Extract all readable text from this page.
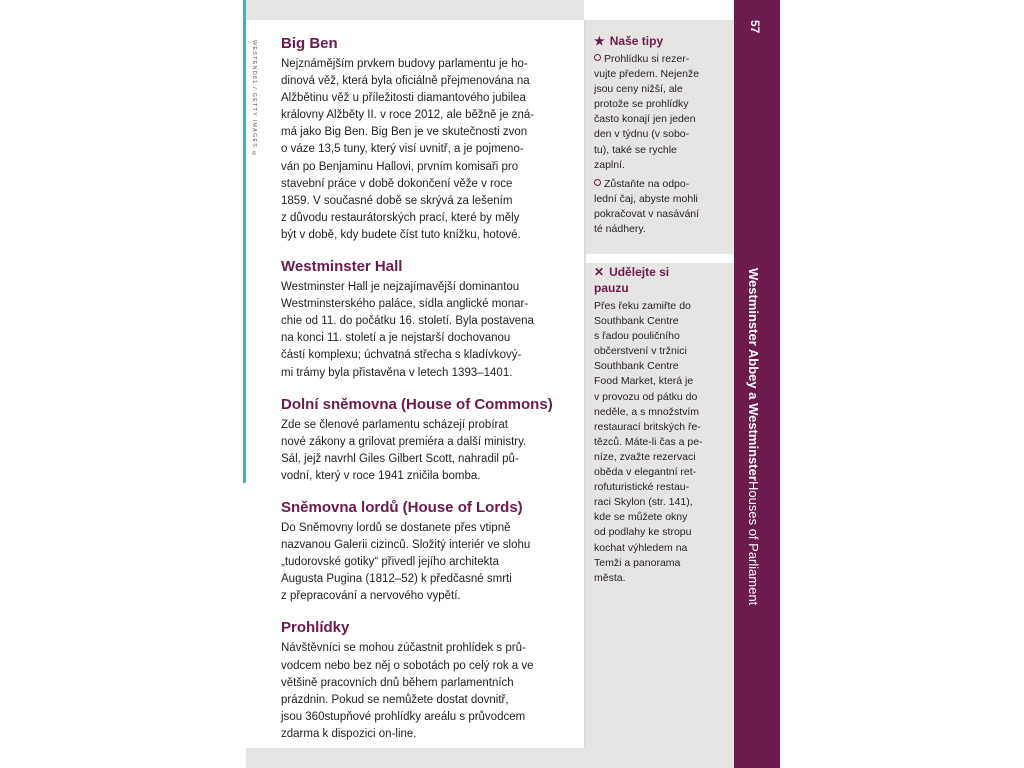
WESTEND61 / GETTY IMAGES © Big Ben

Nejznámějším prvkem budovy parlamentu je ho-
dinová věž, která byla oficiálně přejmenována na
Alžbětinu věž u příležitosti diamantového jubilea
královny Alžběty II. v roce 2012, ale běžně je zná-
má jako Big Ben. Big Ben je ve skutečnosti zvon
o váze 13,5 tuny, který visí uvnitř, a je pojmeno-
ván po Benjaminu Hallovi, prvním komisaři pro
stavební práce v době dokončení věže v roce
1859. V současné době se skrývá za lešením
z důvodu restaurátorských prací, které by měly
být v době, kdy budete číst tuto knížku, hotové.

Westminster Hall

Westminster Hall je nejzajímavější dominantou
Westminsterského paláce, sídla anglické monar-
chie od 11. do počátku 16. století. Byla postavena
na konci 11. století a je nejstarší dochovanou
částí komplexu; úchvatná střecha s kladívkový-
mi trámy byla přistavěna v letech 1393–1401.

Dolní sněmovna (House of Commons)

Zde se členové parlamentu scházejí probírat
nové zákony a grilovat premiéra a další ministry.
Sál, jejž navrhl Giles Gilbert Scott, nahradil pů-
vodní, který v roce 1941 zničila bomba.

Sněmovna lordů (House of Lords)

Do Sněmovny lordů se dostanete přes vtipně
nazvanou Galerii cizinců. Složitý interiér ve slohu
„tudorovské gotiky“ přivedl jejího architekta
Augusta Pugina (1812–52) k předčasné smrti
z přepracování a nervového vypětí.

Prohlídky

Návštěvníci se mohou zúčastnit prohlídek s prů-
vodcem nebo bez něj o sobotách po celý rok a ve
většině pracovních dnů během parlamentních
prázdnin. Pokud se nemůžete dostat dovnitř,
jsou 360stupňové prohlídky areálu s průvodcem
zdarma k dispozici on-line.

★ Naše tipy

Prohlídku si rezer-
vujte předem. Nejenže
jsou ceny nižší, ale
protože se prohlídky
často konají jen jeden
den v týdnu (v sobo-
tu), také se rychle
zaplní.

Zůstaňte na odpo-
lední čaj, abyste mohli
pokračovat v nasávání
té nádhery.

✕ Udělejte si
pauzu

Přes řeku zamiřte do
Southbank Centre
s řadou pouličního
občerstvení v tržnici
Southbank Centre
Food Market, která je
v provozu od pátku do
neděle, a s množstvím
restaurací britských ře-
tězců. Máte-li čas a pe-
níze, zvažte rezervaci
oběda v elegantní ret-
rofuturistické restau-
raci Skylon (str. 141),
kde se můžete okny
od podlahy ke stropu
kochat výhledem na
Temži a panorama
města.

57
Westminster Abbey a WestminsterHouses of Parliament
